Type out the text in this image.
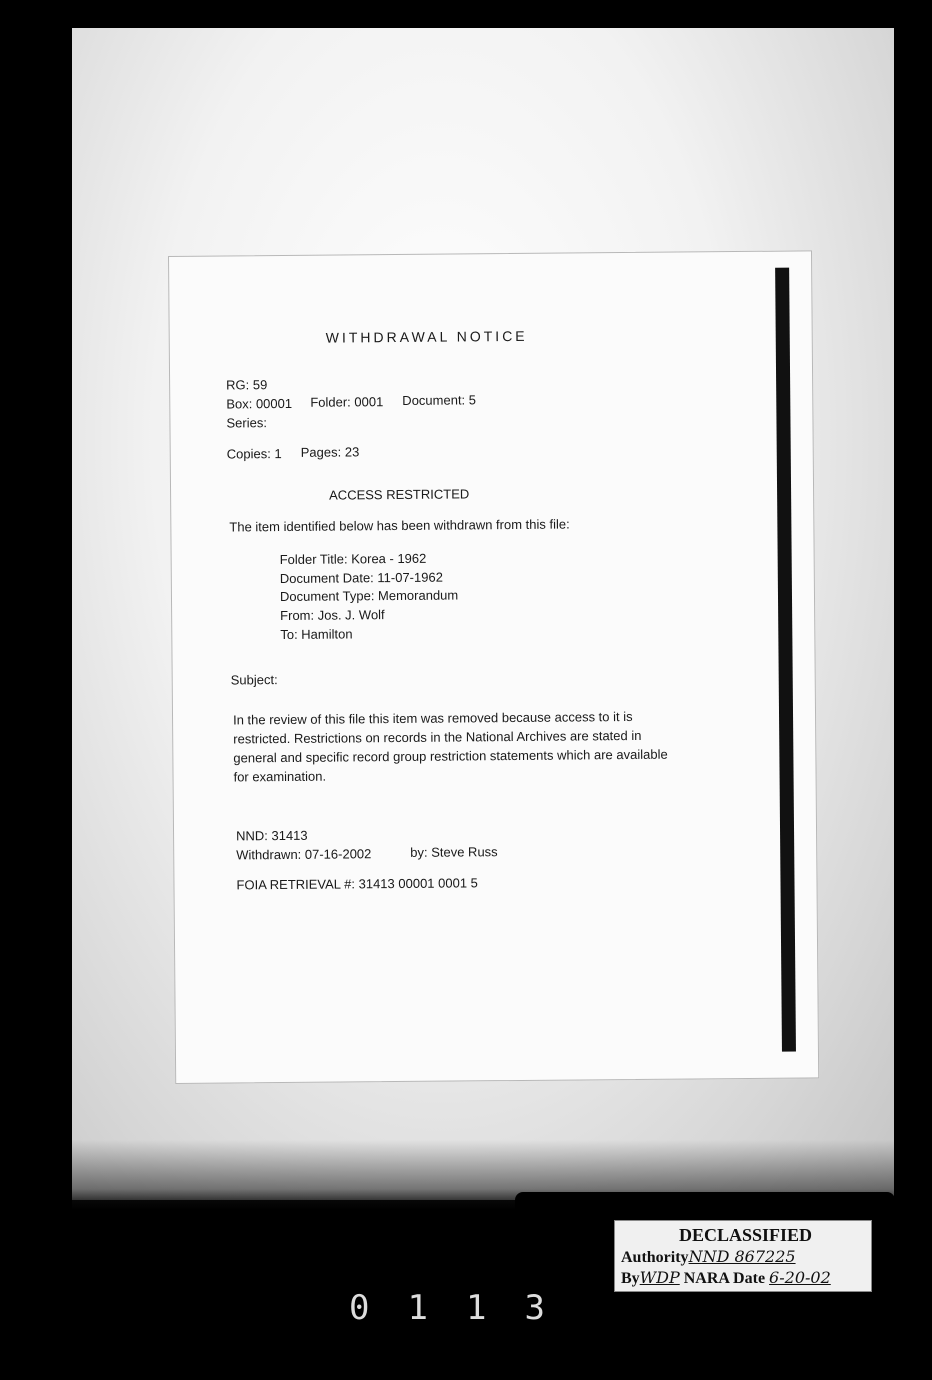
WITHDRAWAL NOTICE
RG: 59
Box: 00001 Folder: 0001 Document: 5
Series:
Copies: 1 Pages: 23
ACCESS RESTRICTED
The item identified below has been withdrawn from this file:
Folder Title: Korea - 1962
Document Date: 11-07-1962
Document Type: Memorandum
From: Jos. J. Wolf
To: Hamilton
Subject:
In the review of this file this item was removed because access to it is restricted. Restrictions on records in the National Archives are stated in general and specific record group restriction statements which are available for examination.
NND: 31413
Withdrawn: 07-16-2002	by: Steve Russ
FOIA RETRIEVAL #: 31413 00001 0001 5
DECLASSIFIED
AuthorityNND 867225
ByWDP NARA Date 6-20-02
0113
